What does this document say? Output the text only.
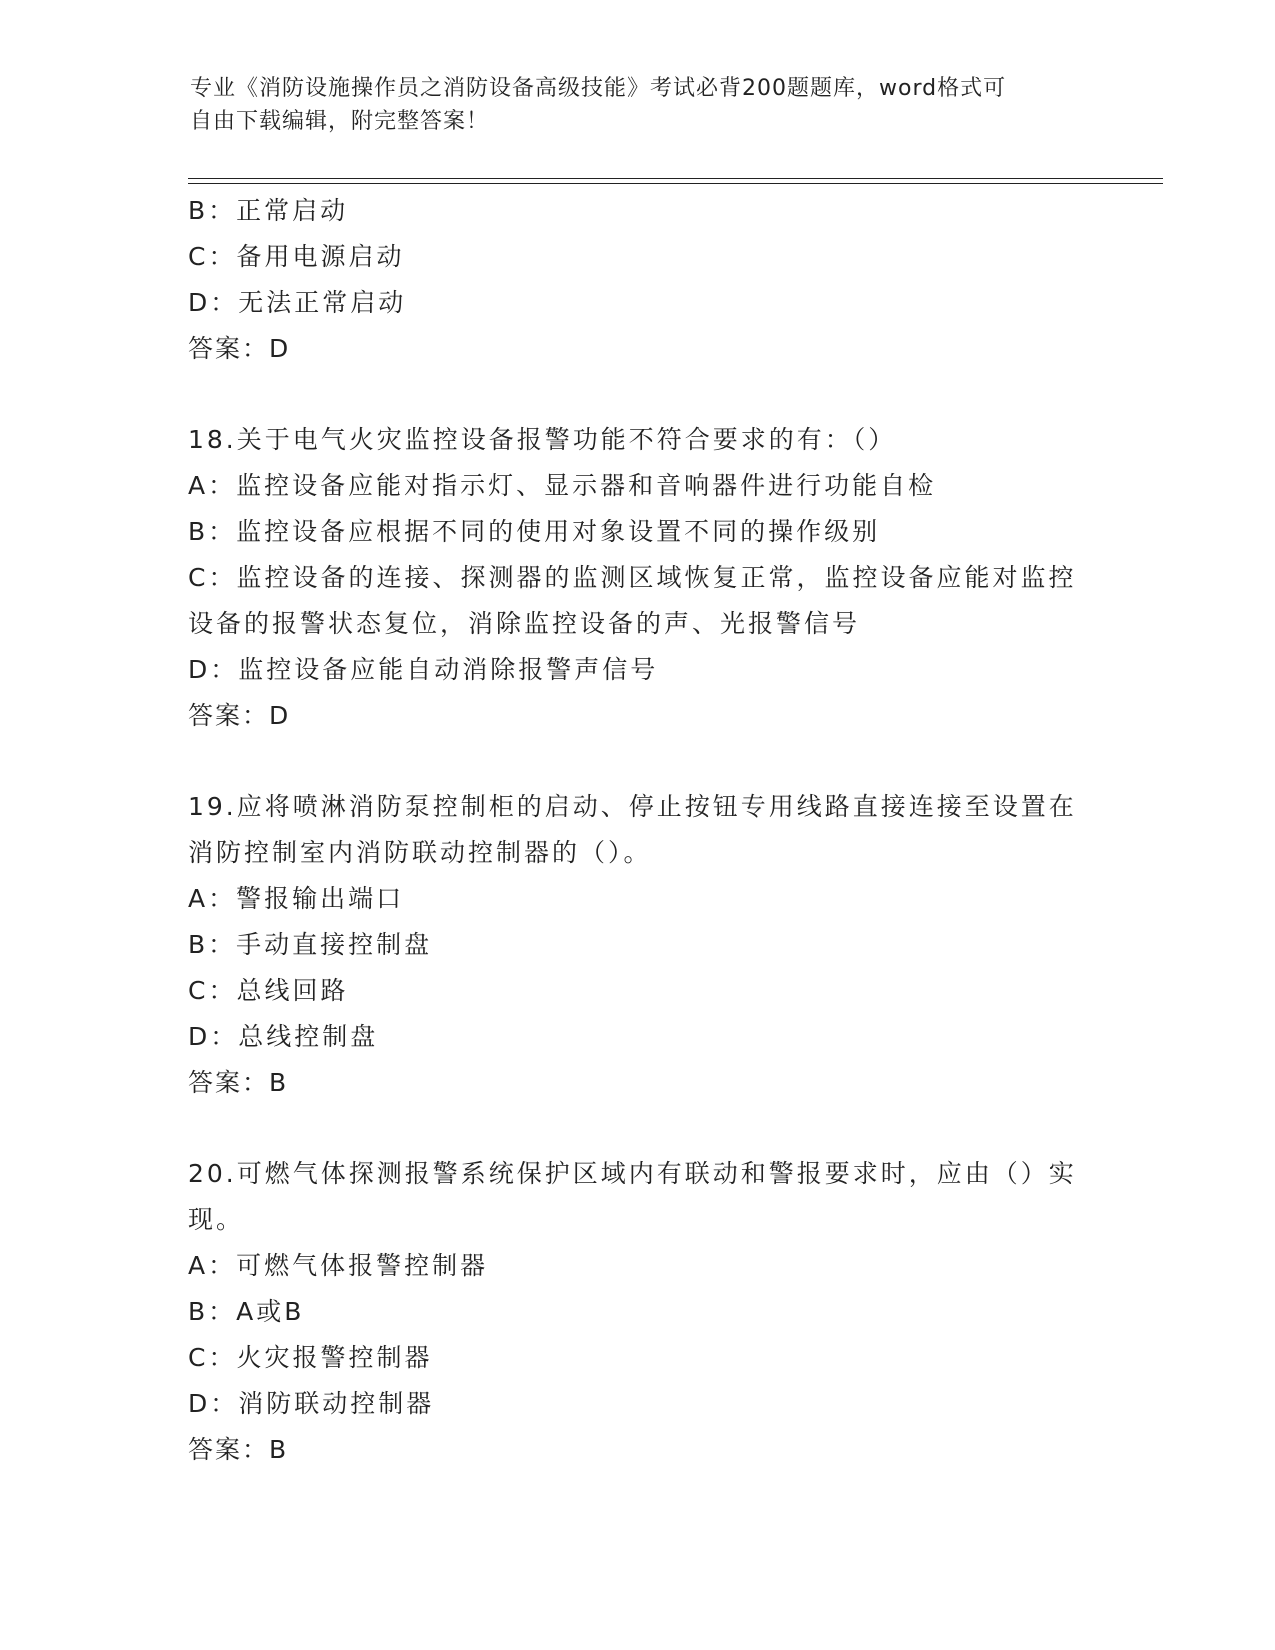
专业《消防设施操作员之消防设备高级技能》考试必背200题题库，word格式可
自由下载编辑，附完整答案！
B：正常启动
C：备用电源启动
D：无法正常启动
答案：D
18.关于电气火灾监控设备报警功能不符合要求的有：（）
A：监控设备应能对指示灯、显示器和音响器件进行功能自检
B：监控设备应根据不同的使用对象设置不同的操作级别
C：监控设备的连接、探测器的监测区域恢复正常，监控设备应能对监控设备的报警状态复位，消除监控设备的声、光报警信号
D：监控设备应能自动消除报警声信号
答案：D
19.应将喷淋消防泵控制柜的启动、停止按钮专用线路直接连接至设置在消防控制室内消防联动控制器的（）。
A：警报输出端口
B：手动直接控制盘
C：总线回路
D：总线控制盘
答案：B
20.可燃气体探测报警系统保护区域内有联动和警报要求时，应由（）实现。
A：可燃气体报警控制器
B：A或B
C：火灾报警控制器
D：消防联动控制器
答案：B
